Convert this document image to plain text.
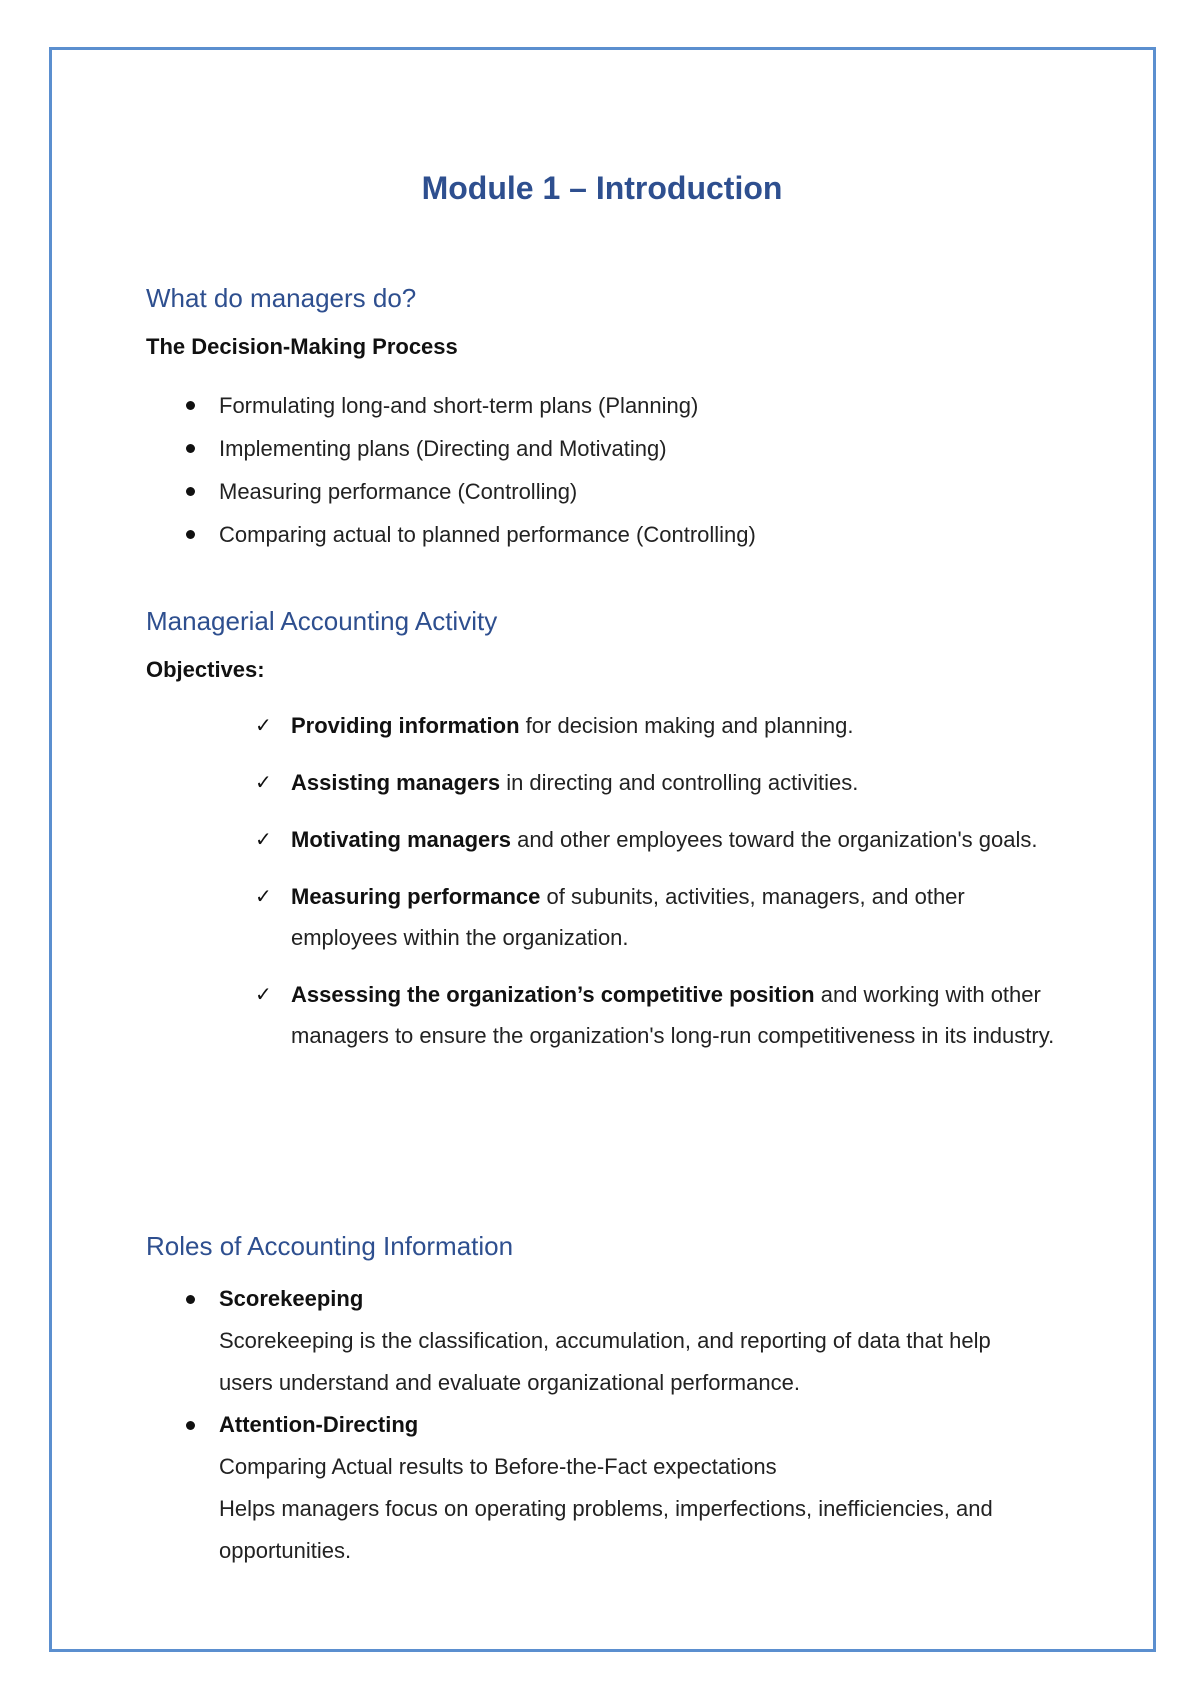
Module 1 – Introduction
What do managers do?
The Decision-Making Process
Formulating long-and short-term plans (Planning)
Implementing plans (Directing and Motivating)
Measuring performance (Controlling)
Comparing actual to planned performance (Controlling)
Managerial Accounting Activity
Objectives:
✓ Providing information for decision making and planning.
✓ Assisting managers in directing and controlling activities.
✓ Motivating managers and other employees toward the organization's goals.
✓ Measuring performance of subunits, activities, managers, and other employees within the organization.
✓ Assessing the organization’s competitive position and working with other managers to ensure the organization's long-run competitiveness in its industry.
Roles of Accounting Information
Scorekeeping
Scorekeeping is the classification, accumulation, and reporting of data that help users understand and evaluate organizational performance.
Attention-Directing
Comparing Actual results to Before-the-Fact expectations
Helps managers focus on operating problems, imperfections, inefficiencies, and opportunities.
